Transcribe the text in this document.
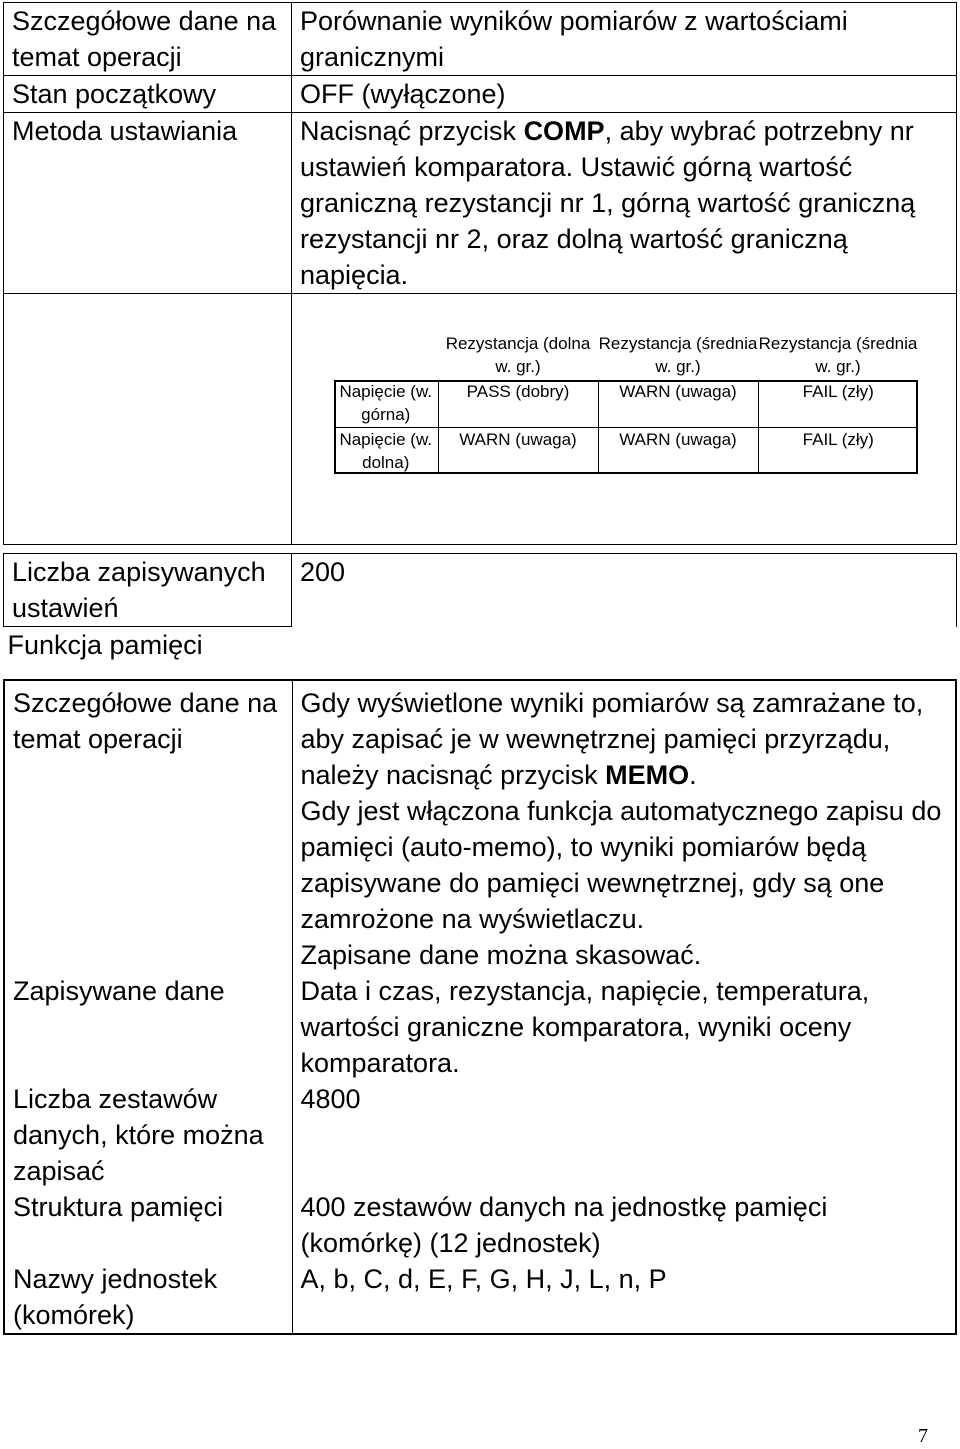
Szczegółowe dane na temat operacji	Porównanie wyników pomiarów z wartościami granicznymi
Stan początkowy	OFF (wyłączone)
Metoda ustawiania	Nacisnąć przycisk COMP, aby wybrać potrzebny nr ustawień komparatora. Ustawić górną wartość graniczną rezystancji nr 1, górną wartość graniczną rezystancji nr 2, oraz dolną wartość graniczną napięcia.

	Rezystancja (dolna w. gr.)	Rezystancja (średnia w. gr.)	Rezystancja (średnia w. gr.)
Napięcie (w. górna)	PASS (dobry)	WARN (uwaga)	FAIL (zły)
Napięcie (w. dolna)	WARN (uwaga)	WARN (uwaga)	FAIL (zły)
Liczba zapisywanych ustawień	200
Funkcja pamięci
Szczegółowe dane na temat operacji	Gdy wyświetlone wyniki pomiarów są zamrażane to, aby zapisać je w wewnętrznej pamięci przyrządu, należy nacisnąć przycisk MEMO.
Gdy jest włączona funkcja automatycznego zapisu do pamięci (auto-memo), to wyniki pomiarów będą zapisywane do pamięci wewnętrznej, gdy są one zamrożone na wyświetlaczu.
Zapisane dane można skasować.

Zapisywane dane	Data i czas, rezystancja, napięcie, temperatura, wartości graniczne komparatora, wyniki oceny komparatora.
Liczba zestawów danych, które można zapisać	4800
Struktura pamięci	400 zestawów danych na jednostkę pamięci (komórkę) (12 jednostek)
Nazwy jednostek (komórek)	A, b, C, d, E, F, G, H, J, L, n, P
7
